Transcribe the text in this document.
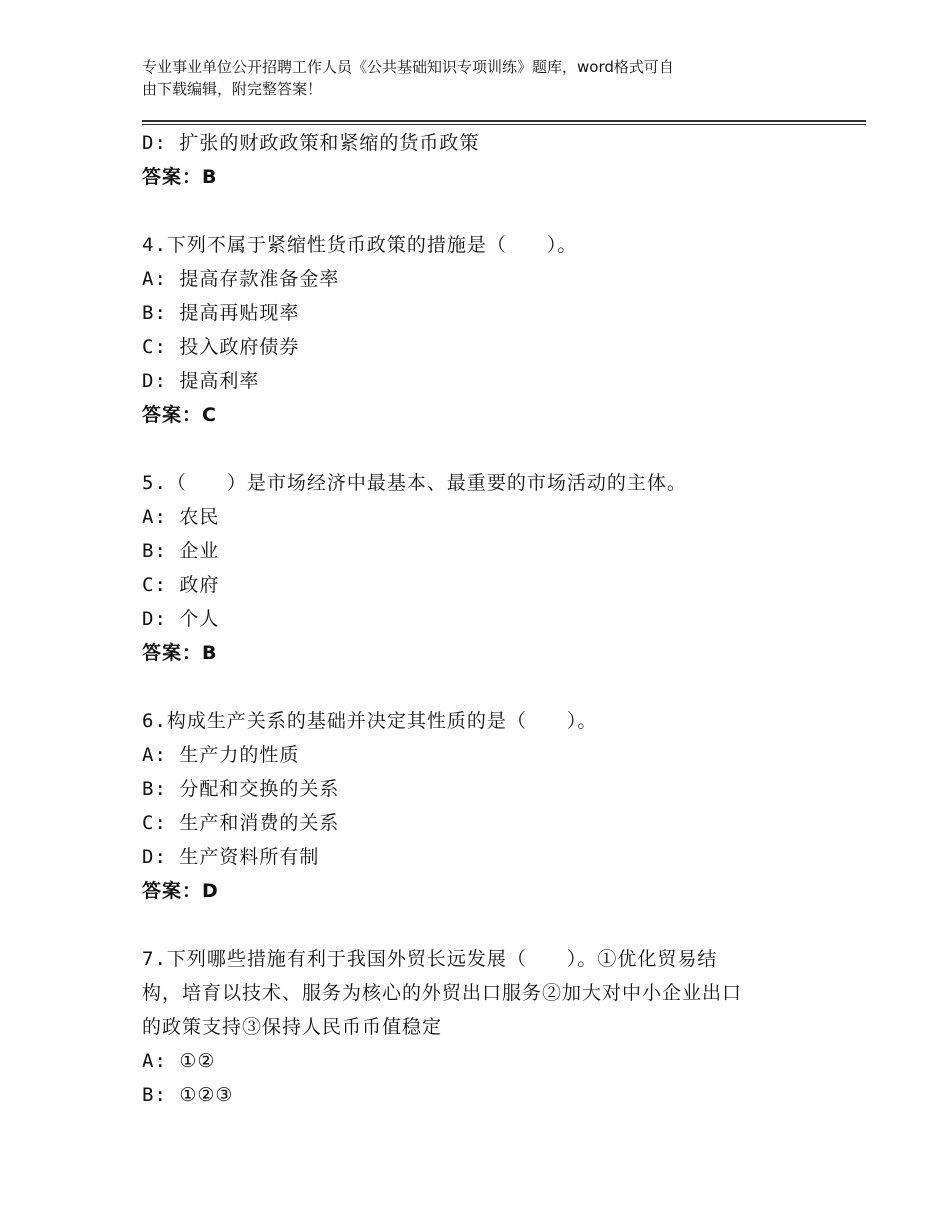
专业事业单位公开招聘工作人员《公共基础知识专项训练》题库，word格式可自
由下载编辑，附完整答案！
D: 扩张的财政政策和紧缩的货币政策
答案：B
4.下列不属于紧缩性货币政策的措施是（　　）。
A: 提高存款准备金率
B: 提高再贴现率
C: 投入政府债券
D: 提高利率
答案：C
5.（　　）是市场经济中最基本、最重要的市场活动的主体。
A: 农民
B: 企业
C: 政府
D: 个人
答案：B
6.构成生产关系的基础并决定其性质的是（　　）。
A: 生产力的性质
B: 分配和交换的关系
C: 生产和消费的关系
D: 生产资料所有制
答案：D
7.下列哪些措施有利于我国外贸长远发展（　　）。①优化贸易结
构，培育以技术、服务为核心的外贸出口服务②加大对中小企业出口
的政策支持③保持人民币币值稳定
A: ①②
B: ①②③
